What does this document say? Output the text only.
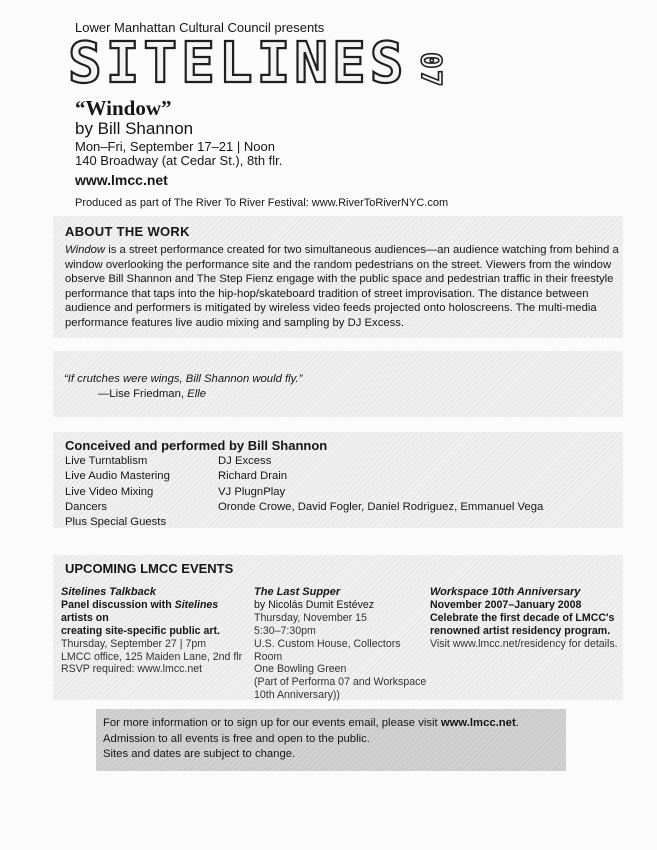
Lower Manhattan Cultural Council presents
SITELINES 07
“Window”
by Bill Shannon
Mon–Fri, September 17–21 | Noon
140 Broadway (at Cedar St.), 8th flr.
www.lmcc.net
Produced as part of The River To River Festival: www.RiverToRiverNYC.com
ABOUT THE WORK
Window is a street performance created for two simultaneous audiences—an audience watching from behind a window overlooking the performance site and the random pedestrians on the street. Viewers from the window observe Bill Shannon and The Step Fienz engage with the public space and pedestrian traffic in their freestyle performance that taps into the hip-hop/skateboard tradition of street improvisation. The distance between audience and performers is mitigated by wireless video feeds projected onto holoscreens. The multi-media performance features live audio mixing and sampling by DJ Excess.
“If crutches were wings, Bill Shannon would fly.”
—Lise Friedman, Elle
Conceived and performed by Bill Shannon
Live Turntablism
Live Audio Mastering
Live Video Mixing
Dancers
Plus Special Guests
DJ Excess
Richard Drain
VJ PlugnPlay
Oronde Crowe, David Fogler, Daniel Rodriguez, Emmanuel Vega
UPCOMING LMCC EVENTS
Sitelines Talkback
Panel discussion with Sitelines artists on
creating site-specific public art.
Thursday, September 27 | 7pm
LMCC office, 125 Maiden Lane, 2nd flr
RSVP required: www.lmcc.net
The Last Supper
by Nicolás Dumit Estévez
Thursday, November 15
5:30–7:30pm
U.S. Custom House, Collectors Room
One Bowling Green
(Part of Performa 07 and Workspace
10th Anniversary))
Workspace 10th Anniversary
November 2007–January 2008
Celebrate the first decade of LMCC's
renowned artist residency program.
Visit www.lmcc.net/residency for details.
For more information or to sign up for our events email, please visit www.lmcc.net.
Admission to all events is free and open to the public.
Sites and dates are subject to change.
